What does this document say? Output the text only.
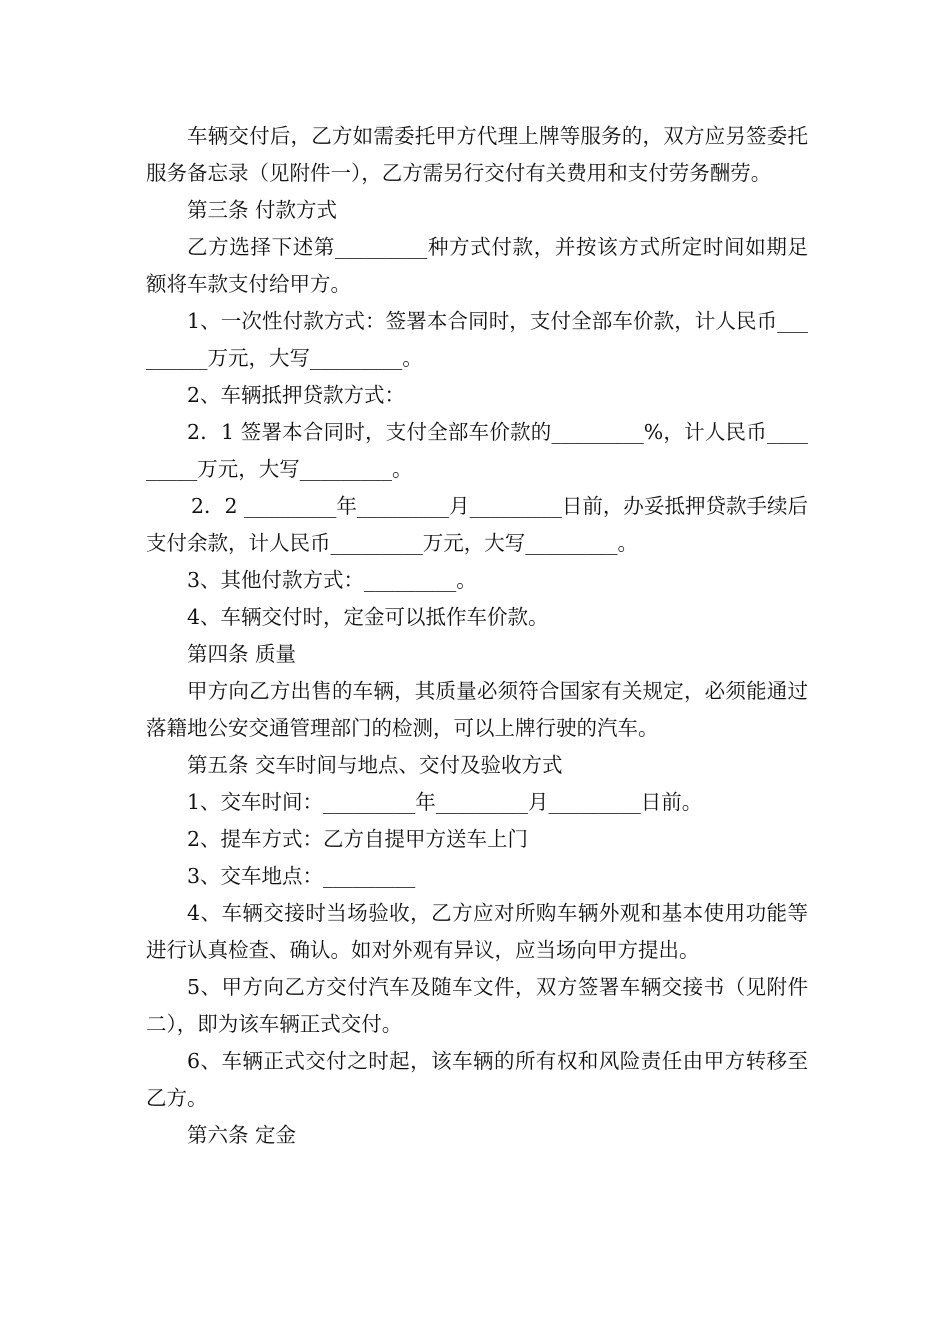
车辆交付后，乙方如需委托甲方代理上牌等服务的，双方应另签委托服务备忘录（见附件一），乙方需另行交付有关费用和支付劳务酬劳。

第三条 付款方式

乙方选择下述第_________种方式付款，并按该方式所定时间如期足额将车款支付给甲方。

1、一次性付款方式：签署本合同时，支付全部车价款，计人民币_________万元，大写_________。

2、车辆抵押贷款方式：

2．1 签署本合同时，支付全部车价款的_________%，计人民币_________万元，大写_________。

2．2 _________年_________月_________日前，办妥抵押贷款手续后支付余款，计人民币_________万元，大写_________。

3、其他付款方式：_________。

4、车辆交付时，定金可以抵作车价款。

第四条 质量

甲方向乙方出售的车辆，其质量必须符合国家有关规定，必须能通过落籍地公安交通管理部门的检测，可以上牌行驶的汽车。

第五条 交车时间与地点、交付及验收方式

1、交车时间：_________年_________月_________日前。

2、提车方式：乙方自提甲方送车上门

3、交车地点：_________

4、车辆交接时当场验收，乙方应对所购车辆外观和基本使用功能等进行认真检查、确认。如对外观有异议，应当场向甲方提出。

5、甲方向乙方交付汽车及随车文件，双方签署车辆交接书（见附件二），即为该车辆正式交付。

6、车辆正式交付之时起，该车辆的所有权和风险责任由甲方转移至乙方。

第六条 定金
